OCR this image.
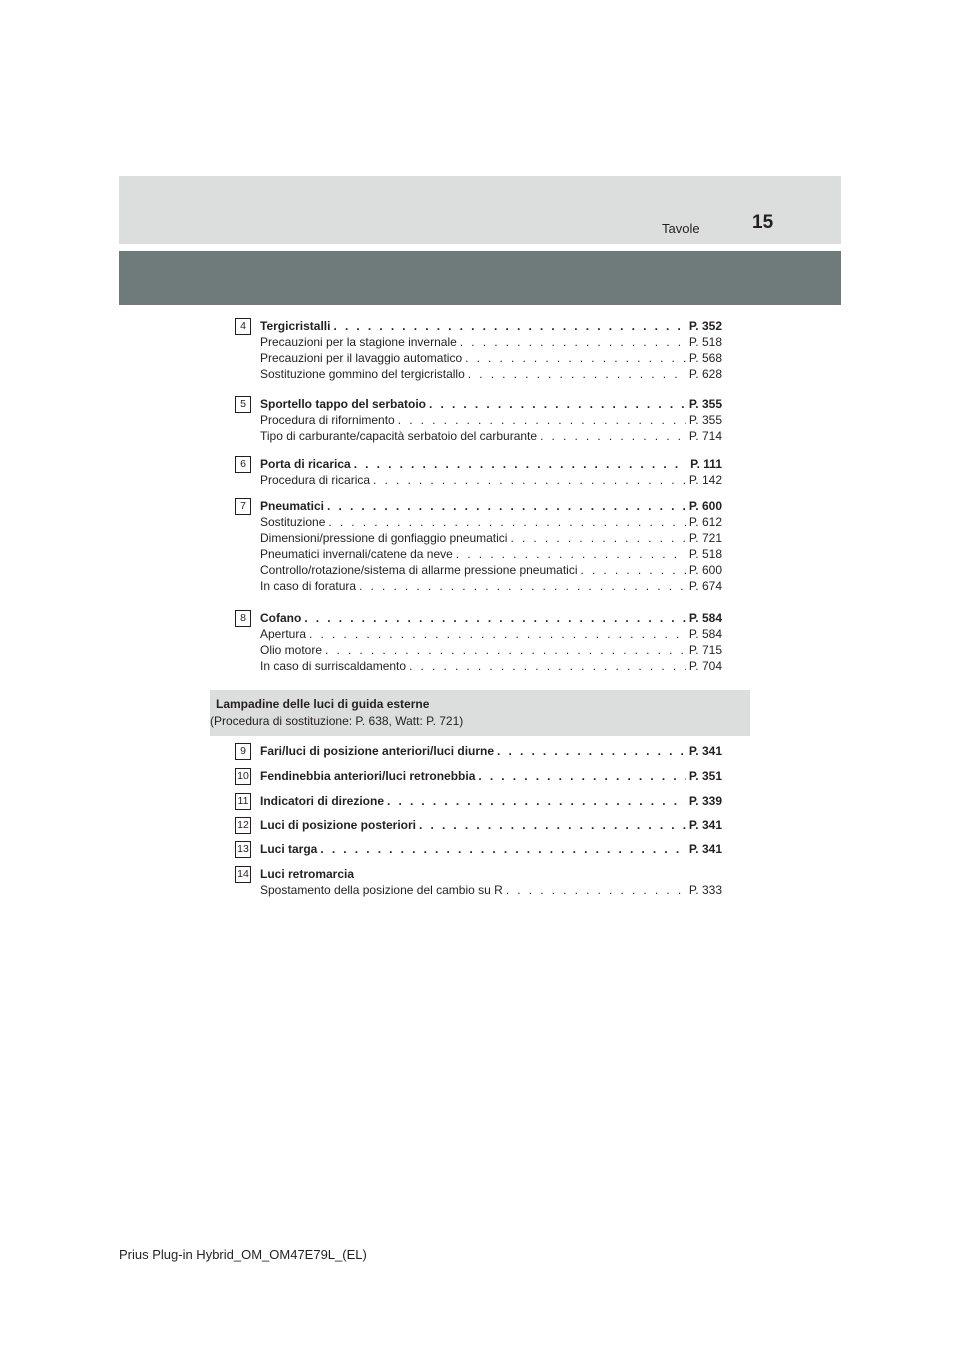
Tavole	15
4	Tergicristalli . . .	P. 352
Precauzioni per la stagione invernale . . .	P. 518
Precauzioni per il lavaggio automatico . . .	P. 568
Sostituzione gommino del tergicristallo . . .	P. 628
5	Sportello tappo del serbatoio . . .	P. 355
Procedura di rifornimento . . .	P. 355
Tipo di carburante/capacità serbatoio del carburante . . .	P. 714
6	Porta di ricarica . . .	P. 111
Procedura di ricarica . . .	P. 142
7	Pneumatici . . .	P. 600
Sostituzione . . .	P. 612
Dimensioni/pressione di gonfiaggio pneumatici . . .	P. 721
Pneumatici invernali/catene da neve . . .	P. 518
Controllo/rotazione/sistema di allarme pressione pneumatici . . .	P. 600
In caso di foratura . . .	P. 674
8	Cofano . . .	P. 584
Apertura . . .	P. 584
Olio motore . . .	P. 715
In caso di surriscaldamento . . .	P. 704
Lampadine delle luci di guida esterne
(Procedura di sostituzione: P. 638, Watt: P. 721)
9	Fari/luci di posizione anteriori/luci diurne . . .	P. 341
10 Fendinebbia anteriori/luci retronebbia . . .	P. 351
11 Indicatori di direzione . . .	P. 339
12 Luci di posizione posteriori . . .	P. 341
13 Luci targa . . .	P. 341
14 Luci retromarcia
Spostamento della posizione del cambio su R . . .	P. 333
Prius Plug-in Hybrid_OM_OM47E79L_(EL)
